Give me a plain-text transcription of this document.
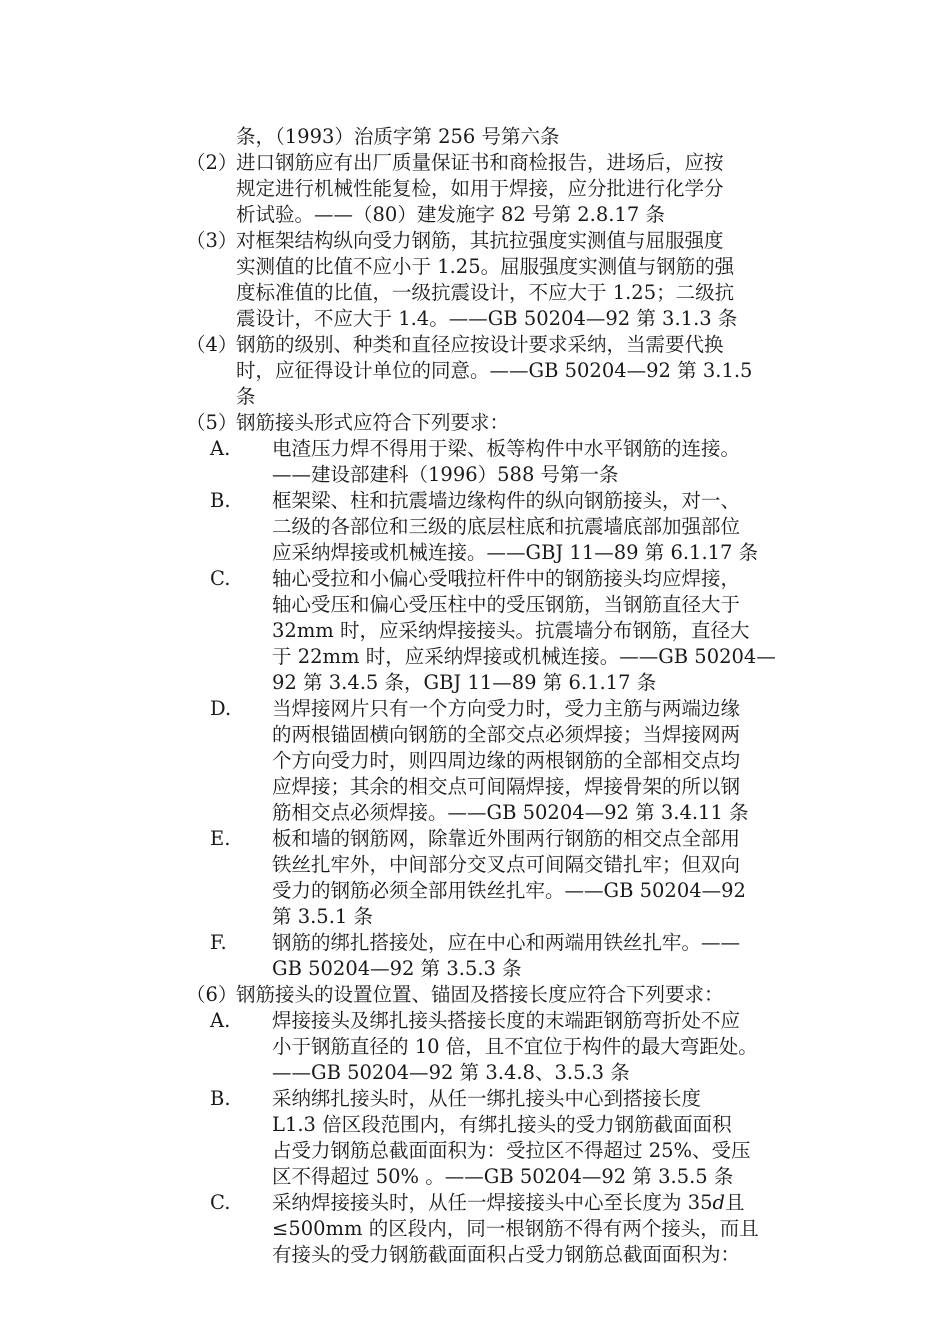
条，（1993）治质字第 256 号第六条
（2）
进口钢筋应有出厂质量保证书和商检报告，进场后，应按
规定进行机械性能复检，如用于焊接，应分批进行化学分
析试验。——（80）建发施字 82 号第 2.8.17 条
（3）
对框架结构纵向受力钢筋，其抗拉强度实测值与屈服强度
实测值的比值不应小于 1.25。屈服强度实测值与钢筋的强
度标准值的比值，一级抗震设计，不应大于 1.25；二级抗
震设计，不应大于 1.4。——GB 50204—92 第 3.1.3 条
（4）
钢筋的级别、种类和直径应按设计要求采纳，当需要代换
时，应征得设计单位的同意。——GB 50204—92 第 3.1.5
条
（5）
钢筋接头形式应符合下列要求：
A. 电渣压力焊不得用于梁、板等构件中水平钢筋的连接。
——建设部建科（1996）588 号第一条
B. 框架梁、柱和抗震墙边缘构件的纵向钢筋接头，对一、
二级的各部位和三级的底层柱底和抗震墙底部加强部位
应采纳焊接或机械连接。——GBJ 11—89 第 6.1.17 条
C. 轴心受拉和小偏心受哦拉杆件中的钢筋接头均应焊接，
轴心受压和偏心受压柱中的受压钢筋，当钢筋直径大于
32mm 时，应采纳焊接接头。抗震墙分布钢筋，直径大
于 22mm 时，应采纳焊接或机械连接。——GB 50204—
92 第 3.4.5 条，GBJ 11—89 第 6.1.17 条
D. 当焊接网片只有一个方向受力时，受力主筋与两端边缘
的两根锚固横向钢筋的全部交点必须焊接；当焊接网两
个方向受力时，则四周边缘的两根钢筋的全部相交点均
应焊接；其余的相交点可间隔焊接，焊接骨架的所以钢
筋相交点必须焊接。——GB 50204—92 第 3.4.11 条
E. 板和墙的钢筋网，除靠近外围两行钢筋的相交点全部用
铁丝扎牢外，中间部分交叉点可间隔交错扎牢；但双向
受力的钢筋必须全部用铁丝扎牢。——GB 50204—92
第 3.5.1 条
F. 钢筋的绑扎搭接处，应在中心和两端用铁丝扎牢。——
GB 50204—92 第 3.5.3 条
（6）
钢筋接头的设置位置、锚固及搭接长度应符合下列要求：
A. 焊接接头及绑扎接头搭接长度的末端距钢筋弯折处不应
小于钢筋直径的 10 倍，且不宜位于构件的最大弯距处。
——GB 50204—92 第 3.4.8、3.5.3 条
B. 采纳绑扎接头时，从任一绑扎接头中心到搭接长度
L1.3 倍区段范围内，有绑扎接头的受力钢筋截面面积
占受力钢筋总截面面积为：受拉区不得超过 25%、受压
区不得超过 50% 。——GB 50204—92 第 3.5.5 条
C. 采纳焊接接头时，从任一焊接接头中心至长度为 35𝑑且
≤500mm 的区段内，同一根钢筋不得有两个接头，而且
有接头的受力钢筋截面面积占受力钢筋总截面面积为：
